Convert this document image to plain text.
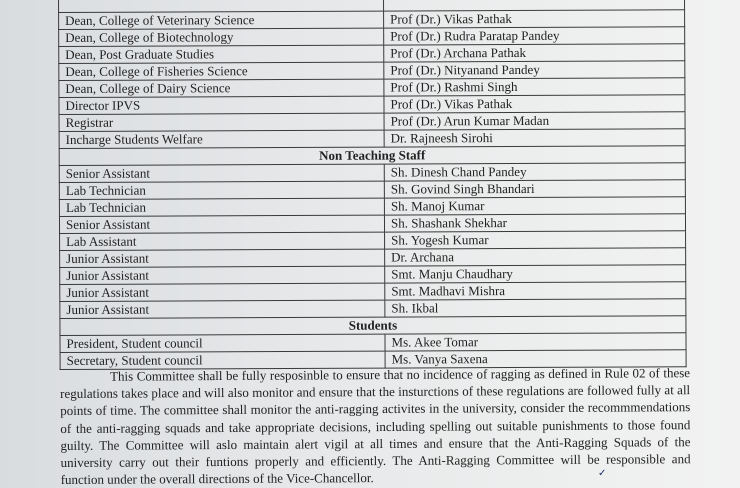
Dean, College of Veterinary Science	Prof (Dr.) Vikas Pathak
Dean, College of Biotechnology	Prof (Dr.) Rudra Paratap Pandey
Dean, Post Graduate Studies	Prof (Dr.) Archana Pathak
Dean, College of Fisheries Science	Prof (Dr.) Nityanand Pandey
Dean, College of Dairy Science	Prof (Dr.) Rashmi Singh
Director IPVS	Prof (Dr.) Vikas Pathak
Registrar	Prof (Dr.) Arun Kumar Madan
Incharge Students Welfare	Dr. Rajneesh Sirohi
Non Teaching Staff	
Senior Assistant	Sh. Dinesh Chand Pandey
Lab Technician	Sh. Govind Singh Bhandari
Lab Technician	Sh. Manoj Kumar
Senior Assistant	Sh. Shashank Shekhar
Lab Assistant	Sh. Yogesh Kumar
Junior Assistant	Dr. Archana
Junior Assistant	Smt. Manju Chaudhary
Junior Assistant	Smt. Madhavi Mishra
Junior Assistant	Sh. Ikbal
Students	
President, Student council	Ms. Akee Tomar
Secretary, Student council	Ms. Vanya Saxena

This Committee shall be fully resposinble to ensure that no incidence of ragging as defined in Rule 02 of these regulations takes place and will also monitor and ensure that the insturctions of these regulations are followed fully at all points of time. The committee shall monitor the anti-ragging activites in the university, consider the recommmendations of the anti-ragging squads and take appropriate decisions, including spelling out suitable punishments to those found guilty. The Committee will aslo maintain alert vigil at all times and ensure that the Anti-Ragging Squads of the university carry out their funtions properly and efficiently. The Anti-Ragging Committee will be responsible and function under the overall directions of the Vice-Chancellor.	✓
